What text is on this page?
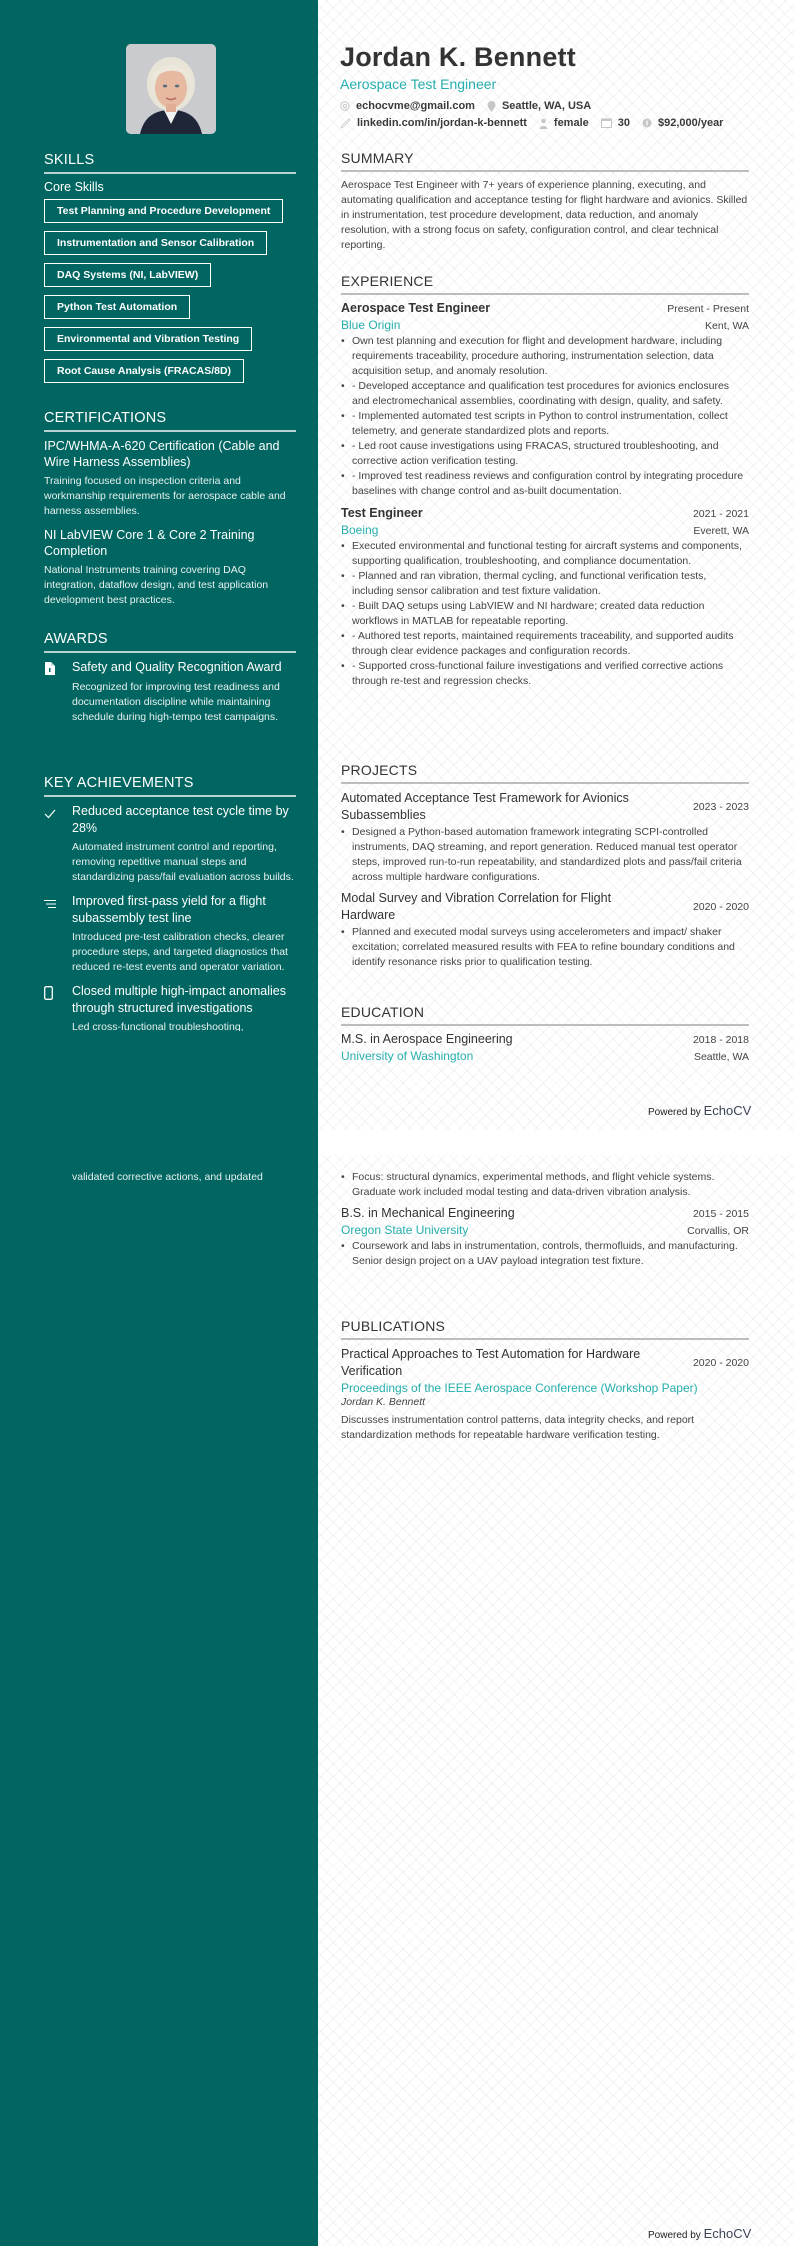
SKILLS
Core Skills
Test Planning and Procedure Development
Instrumentation and Sensor Calibration
DAQ Systems (NI, LabVIEW)
Python Test Automation
Environmental and Vibration Testing
Root Cause Analysis (FRACAS/8D)
CERTIFICATIONS
IPC/WHMA-A-620 Certification (Cable and Wire Harness Assemblies)
Training focused on inspection criteria and workmanship requirements for aerospace cable and harness assemblies.
NI LabVIEW Core 1 & Core 2 Training Completion
National Instruments training covering DAQ integration, dataflow design, and test application development best practices.
AWARDS
Safety and Quality Recognition Award
Recognized for improving test readiness and documentation discipline while maintaining schedule during high-tempo test campaigns.
KEY ACHIEVEMENTS
Reduced acceptance test cycle time by 28%
Automated instrument control and reporting, removing repetitive manual steps and standardizing pass/fail evaluation across builds.
Improved first-pass yield for a flight subassembly test line
Introduced pre-test calibration checks, clearer procedure steps, and targeted diagnostics that reduced re-test events and operator variation.
Closed multiple high-impact anomalies through structured investigations
Led cross-functional troubleshooting,
validated corrective actions, and updated
Jordan K. Bennett
Aerospace Test Engineer
echocvme@gmail.com Seattle, WA, USA
linkedin.com/in/jordan-k-bennett female	30	$92,000/year
SUMMARY
Aerospace Test Engineer with 7+ years of experience planning, executing, and automating qualification and acceptance testing for flight hardware and avionics. Skilled in instrumentation, test procedure development, data reduction, and anomaly resolution, with a strong focus on safety, configuration control, and clear technical reporting.
EXPERIENCE
Aerospace Test Engineer	Present - Present
Blue Origin	Kent, WA
• Own test planning and execution for flight and development hardware, including requirements traceability, procedure authoring, instrumentation selection, data acquisition setup, and anomaly resolution.
• - Developed acceptance and qualification test procedures for avionics enclosures and electromechanical assemblies, coordinating with design, quality, and safety.
• - Implemented automated test scripts in Python to control instrumentation, collect telemetry, and generate standardized plots and reports.
• - Led root cause investigations using FRACAS, structured troubleshooting, and corrective action verification testing.
• - Improved test readiness reviews and configuration control by integrating procedure baselines with change control and as-built documentation.
Test Engineer	2021 - 2021
Boeing	Everett, WA
• Executed environmental and functional testing for aircraft systems and components, supporting qualification, troubleshooting, and compliance documentation.
• - Planned and ran vibration, thermal cycling, and functional verification tests, including sensor calibration and test fixture validation.
• - Built DAQ setups using LabVIEW and NI hardware; created data reduction workflows in MATLAB for repeatable reporting.
• - Authored test reports, maintained requirements traceability, and supported audits through clear evidence packages and configuration records.
• - Supported cross-functional failure investigations and verified corrective actions through re-test and regression checks.
PROJECTS
Automated Acceptance Test Framework for Avionics Subassemblies
2023 - 2023
• Designed a Python-based automation framework integrating SCPI-controlled instruments, DAQ streaming, and report generation. Reduced manual test operator steps, improved run-to-run repeatability, and standardized plots and pass/fail criteria across multiple hardware configurations.
Modal Survey and Vibration Correlation for Flight Hardware
2020 - 2020
• Planned and executed modal surveys using accelerometers and impact/ shaker excitation; correlated measured results with FEA to refine boundary conditions and identify resonance risks prior to qualification testing.
EDUCATION
M.S. in Aerospace Engineering	2018 - 2018
University of Washington	Seattle, WA
Powered by EchoCV
• Focus: structural dynamics, experimental methods, and flight vehicle systems. Graduate work included modal testing and data-driven vibration analysis.
B.S. in Mechanical Engineering	2015 - 2015
Oregon State University	Corvallis, OR
• Coursework and labs in instrumentation, controls, thermofluids, and manufacturing. Senior design project on a UAV payload integration test fixture.
PUBLICATIONS
Practical Approaches to Test Automation for Hardware Verification
2020 - 2020
Proceedings of the IEEE Aerospace Conference (Workshop Paper)
Jordan K. Bennett
Discusses instrumentation control patterns, data integrity checks, and report standardization methods for repeatable hardware verification testing.
Powered by EchoCV
